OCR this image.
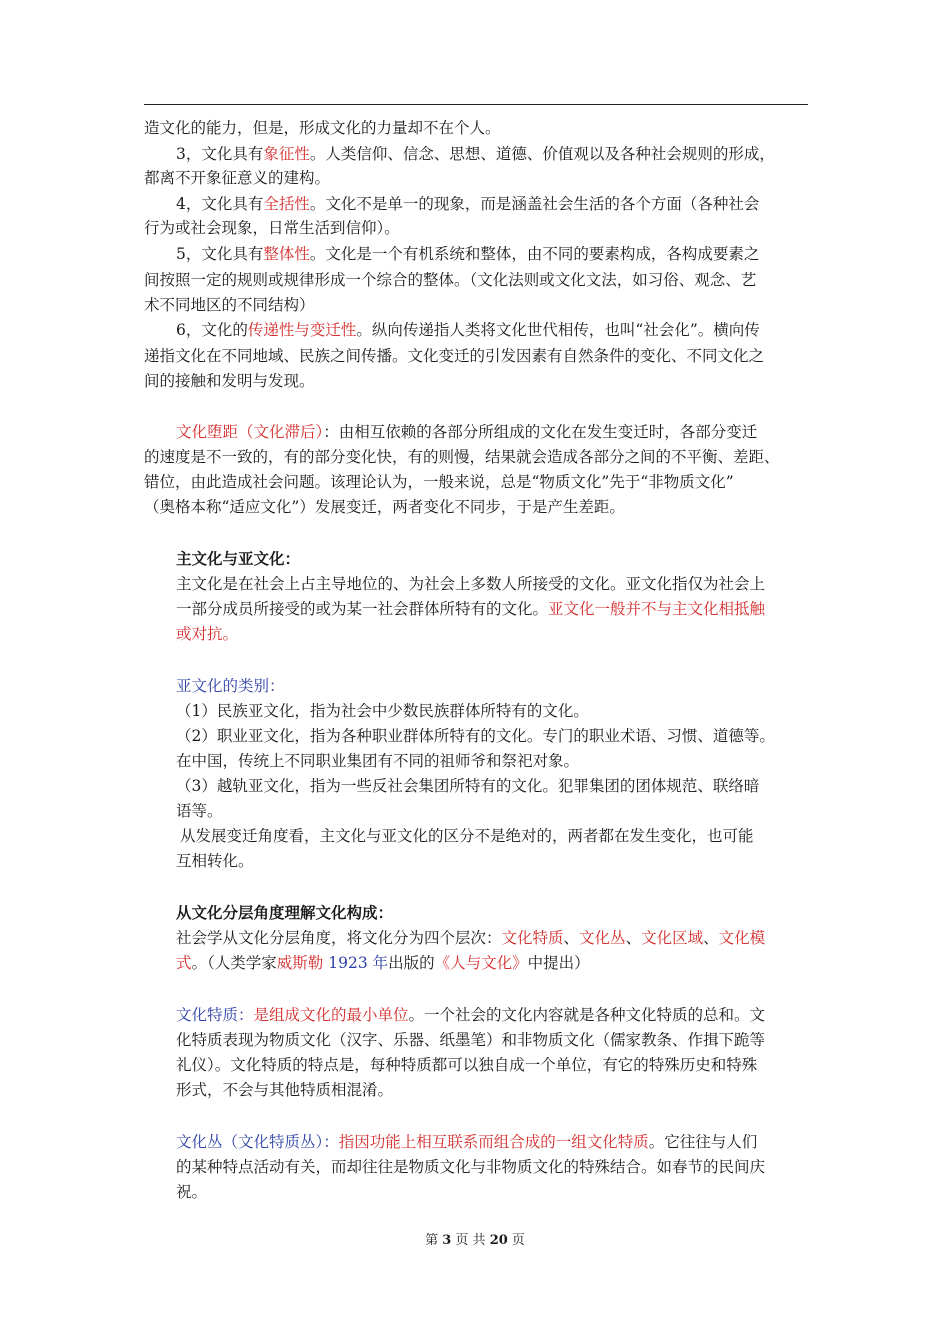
造文化的能力，但是，形成文化的力量却不在个人。
3，文化具有象征性。人类信仰、信念、思想、道德、价值观以及各种社会规则的形成，
都离不开象征意义的建构。
4，文化具有全括性。文化不是单一的现象，而是涵盖社会生活的各个方面（各种社会
行为或社会现象，日常生活到信仰）。
5，文化具有整体性。文化是一个有机系统和整体，由不同的要素构成，各构成要素之
间按照一定的规则或规律形成一个综合的整体。（文化法则或文化文法，如习俗、观念、艺
术不同地区的不同结构）
6，文化的传递性与变迁性。纵向传递指人类将文化世代相传，也叫“社会化”。横向传
递指文化在不同地域、民族之间传播。文化变迁的引发因素有自然条件的变化、不同文化之
间的接触和发明与发现。
文化堕距（文化滞后）：由相互依赖的各部分所组成的文化在发生变迁时，各部分变迁
的速度是不一致的，有的部分变化快，有的则慢，结果就会造成各部分之间的不平衡、差距、
错位，由此造成社会问题。该理论认为，一般来说，总是“物质文化”先于“非物质文化”
（奥格本称“适应文化”）发展变迁，两者变化不同步，于是产生差距。
主文化与亚文化：
主文化是在社会上占主导地位的、为社会上多数人所接受的文化。亚文化指仅为社会上
一部分成员所接受的或为某一社会群体所特有的文化。亚文化一般并不与主文化相抵触
或对抗。
亚文化的类别：
（1）民族亚文化，指为社会中少数民族群体所特有的文化。
（2）职业亚文化，指为各种职业群体所特有的文化。专门的职业术语、习惯、道德等。
在中国，传统上不同职业集团有不同的祖师爷和祭祀对象。
（3）越轨亚文化，指为一些反社会集团所特有的文化。犯罪集团的团体规范、联络暗
语等。
从发展变迁角度看，主文化与亚文化的区分不是绝对的，两者都在发生变化，也可能
互相转化。
从文化分层角度理解文化构成：
社会学从文化分层角度，将文化分为四个层次：文化特质、文化丛、文化区域、文化模
式。（人类学家威斯勒 1923 年出版的《人与文化》中提出）
文化特质：是组成文化的最小单位。一个社会的文化内容就是各种文化特质的总和。文
化特质表现为物质文化（汉字、乐器、纸墨笔）和非物质文化（儒家教条、作揖下跪等
礼仪）。文化特质的特点是，每种特质都可以独自成一个单位，有它的特殊历史和特殊
形式，不会与其他特质相混淆。
文化丛（文化特质丛）：指因功能上相互联系而组合成的一组文化特质。它往往与人们
的某种特点活动有关，而却往往是物质文化与非物质文化的特殊结合。如春节的民间庆
祝。
第 3 页 共 20 页
